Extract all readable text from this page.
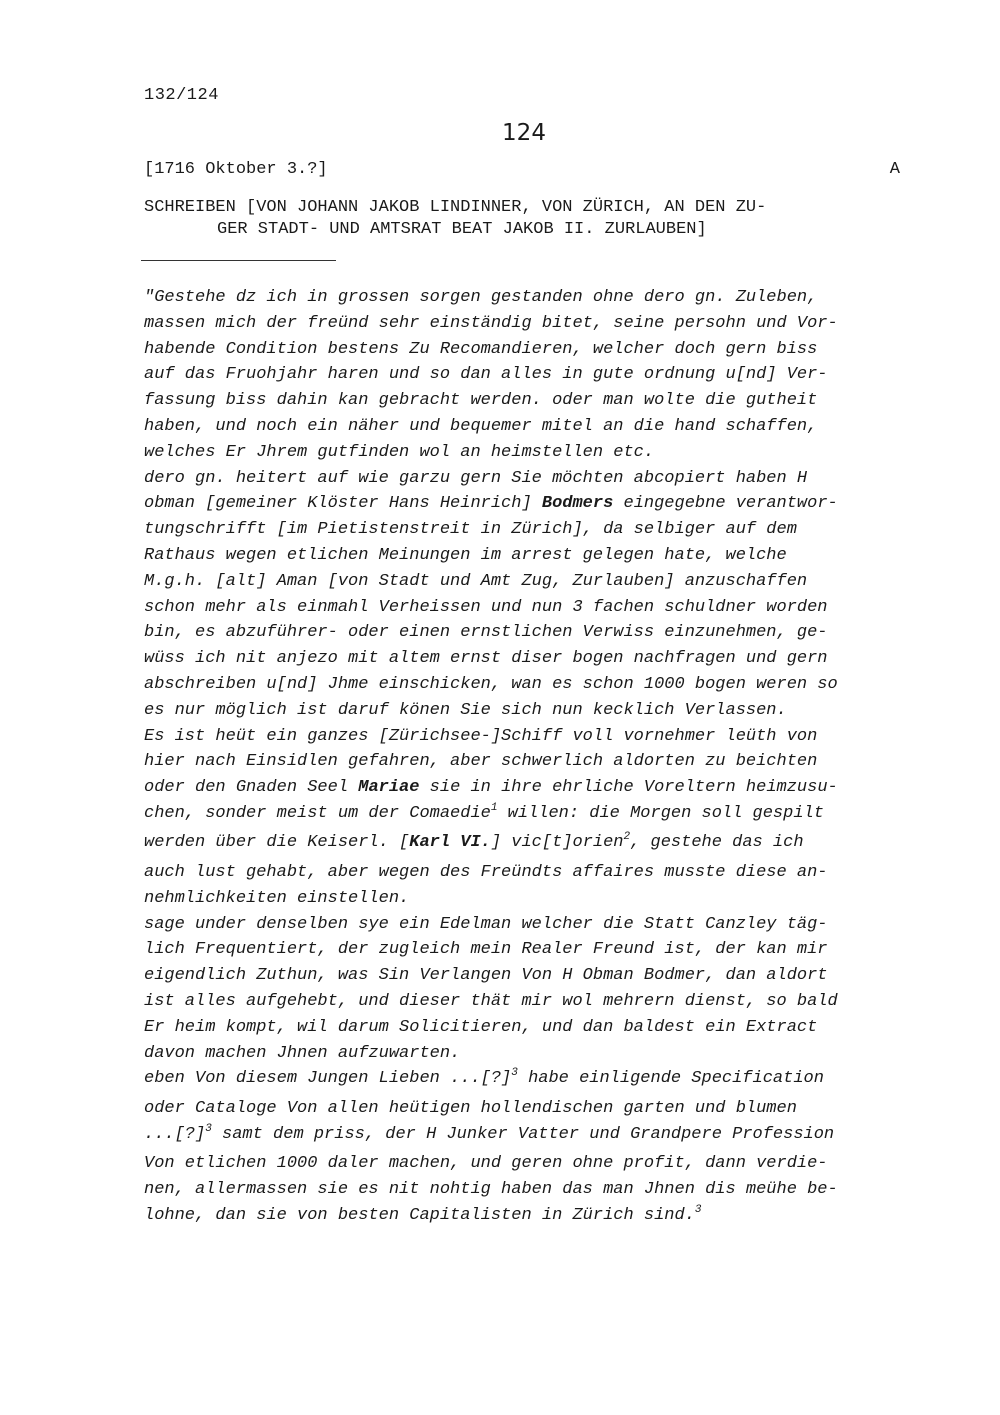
132/124
124
[1716 Oktober 3.?]	A
SCHREIBEN [VON JOHANN JAKOB LINDINNER, VON ZÜRICH, AN DEN ZU-
GER STADT- UND AMTSRAT BEAT JAKOB II. ZURLAUBEN]
"Gestehe dz ich in grossen sorgen gestanden ohne dero gn. Zuleben,
massen mich der freünd sehr einständig bitet, seine persohn und Vor-
habende Condition bestens Zu Recomandieren, welcher doch gern biss
auf das Fruohjahr haren und so dan alles in gute ordnung u[nd] Ver-
fassung biss dahin kan gebracht werden. oder man wolte die gutheit
haben, und noch ein näher und bequemer mitel an die hand schaffen,
welches Er Jhrem gutfinden wol an heimstellen etc.
dero gn. heitert auf wie garzu gern Sie möchten abcopiert haben H
obman [gemeiner Klöster Hans Heinrich] Bodmers eingegebne verantwor-
tungschrifft [im Pietistenstreit in Zürich], da selbiger auf dem
Rathaus wegen etlichen Meinungen im arrest gelegen hate, welche
M.g.h. [alt] Aman [von Stadt und Amt Zug, Zurlauben] anzuschaffen
schon mehr als einmahl Verheissen und nun 3 fachen schuldner worden
bin, es abzuführer- oder einen ernstlichen Verwiss einzunehmen, ge-
wüss ich nit anjezo mit altem ernst diser bogen nachfragen und gern
abschreiben u[nd] Jhme einschicken, wan es schon 1000 bogen weren so
es nur möglich ist daruf könen Sie sich nun kecklich Verlassen.
Es ist heüt ein ganzes [Zürichsee-]Schiff voll vornehmer leüth von
hier nach Einsidlen gefahren, aber schwerlich aldorten zu beichten
oder den Gnaden Seel Mariae sie in ihre ehrliche Voreltern heimzusu-
chen, sonder meist um der Comaedie$^1$ willen: die Morgen soll gespilt
werden über die Keiserl. [Karl VI.] vic[t]orien$^2$, gestehe das ich
auch lust gehabt, aber wegen des Freündts affaires musste diese an-
nehmlichkeiten einstellen.
sage under denselben sye ein Edelman welcher die Statt Canzley täg-
lich Frequentiert, der zugleich mein Realer Freund ist, der kan mir
eigendlich Zuthun, was Sin Verlangen Von H Obman Bodmer, dan aldort
ist alles aufgehebt, und dieser thät mir wol mehrern dienst, so bald
Er heim kompt, wil darum Solicitieren, und dan baldest ein Extract
davon machen Jhnen aufzuwarten.
eben Von diesem Jungen Lieben ...[?]$^3$ habe einligende Specification
oder Cataloge Von allen heütigen hollendischen garten und blumen
...[?]$^3$ samt dem priss, der H Junker Vatter und Grandpere Profession
Von etlichen 1000 daler machen, und geren ohne profit, dann verdie-
nen, allermassen sie es nit nohtig haben das man Jhnen dis meühe be-
lohne, dan sie von besten Capitalisten in Zürich sind.$^3$
